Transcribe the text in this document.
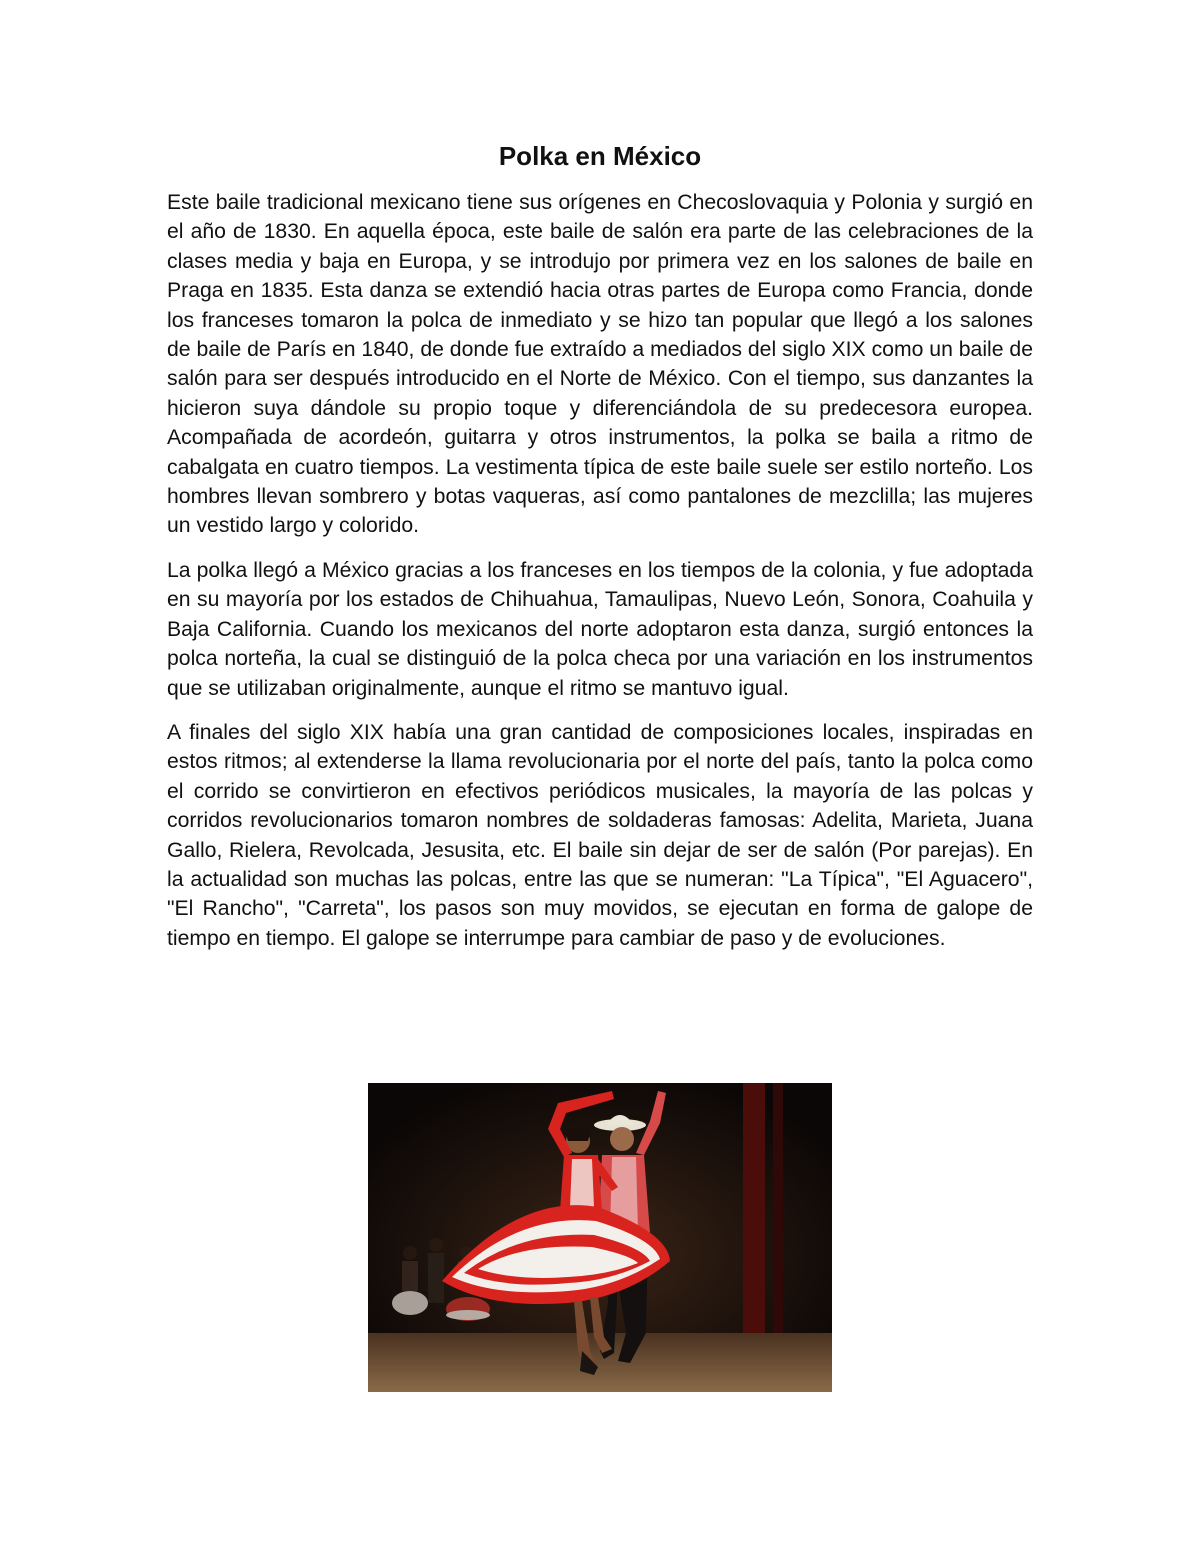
Polka en México

Este baile tradicional mexicano tiene sus orígenes en Checoslovaquia y Polonia y surgió en el año de 1830. En aquella época, este baile de salón era parte de las celebraciones de la clases media y baja en Europa, y se introdujo por primera vez en los salones de baile en Praga en 1835. Esta danza se extendió hacia otras partes de Europa como Francia, donde los franceses tomaron la polca de inmediato y se hizo tan popular que llegó a los salones de baile de París en 1840, de donde fue extraído a mediados del siglo XIX como un baile de salón para ser después introducido en el Norte de México. Con el tiempo, sus danzantes la hicieron suya dándole su propio toque y diferenciándola de su predecesora europea. Acompañada de acordeón, guitarra y otros instrumentos, la polka se baila a ritmo de cabalgata en cuatro tiempos. La vestimenta típica de este baile suele ser estilo norteño. Los hombres llevan sombrero y botas vaqueras, así como pantalones de mezclilla; las mujeres un vestido largo y colorido.

La polka llegó a México gracias a los franceses en los tiempos de la colonia, y fue adoptada en su mayoría por los estados de Chihuahua, Tamaulipas, Nuevo León, Sonora, Coahuila y Baja California. Cuando los mexicanos del norte adoptaron esta danza, surgió entonces la polca norteña, la cual se distinguió de la polca checa por una variación en los instrumentos que se utilizaban originalmente, aunque el ritmo se mantuvo igual.

A finales del siglo XIX había una gran cantidad de composiciones locales, inspiradas en estos ritmos; al extenderse la llama revolucionaria por el norte del país, tanto la polca como el corrido se convirtieron en efectivos periódicos musicales, la mayoría de las polcas y corridos revolucionarios tomaron nombres de soldaderas famosas: Adelita, Marieta, Juana Gallo, Rielera, Revolcada, Jesusita, etc. El baile sin dejar de ser de salón (Por parejas). En la actualidad son muchas las polcas, entre las que se numeran: "La Típica", "El Aguacero", "El Rancho", "Carreta", los pasos son muy movidos, se ejecutan en forma de galope de tiempo en tiempo. El galope se interrumpe para cambiar de paso y de evoluciones.
